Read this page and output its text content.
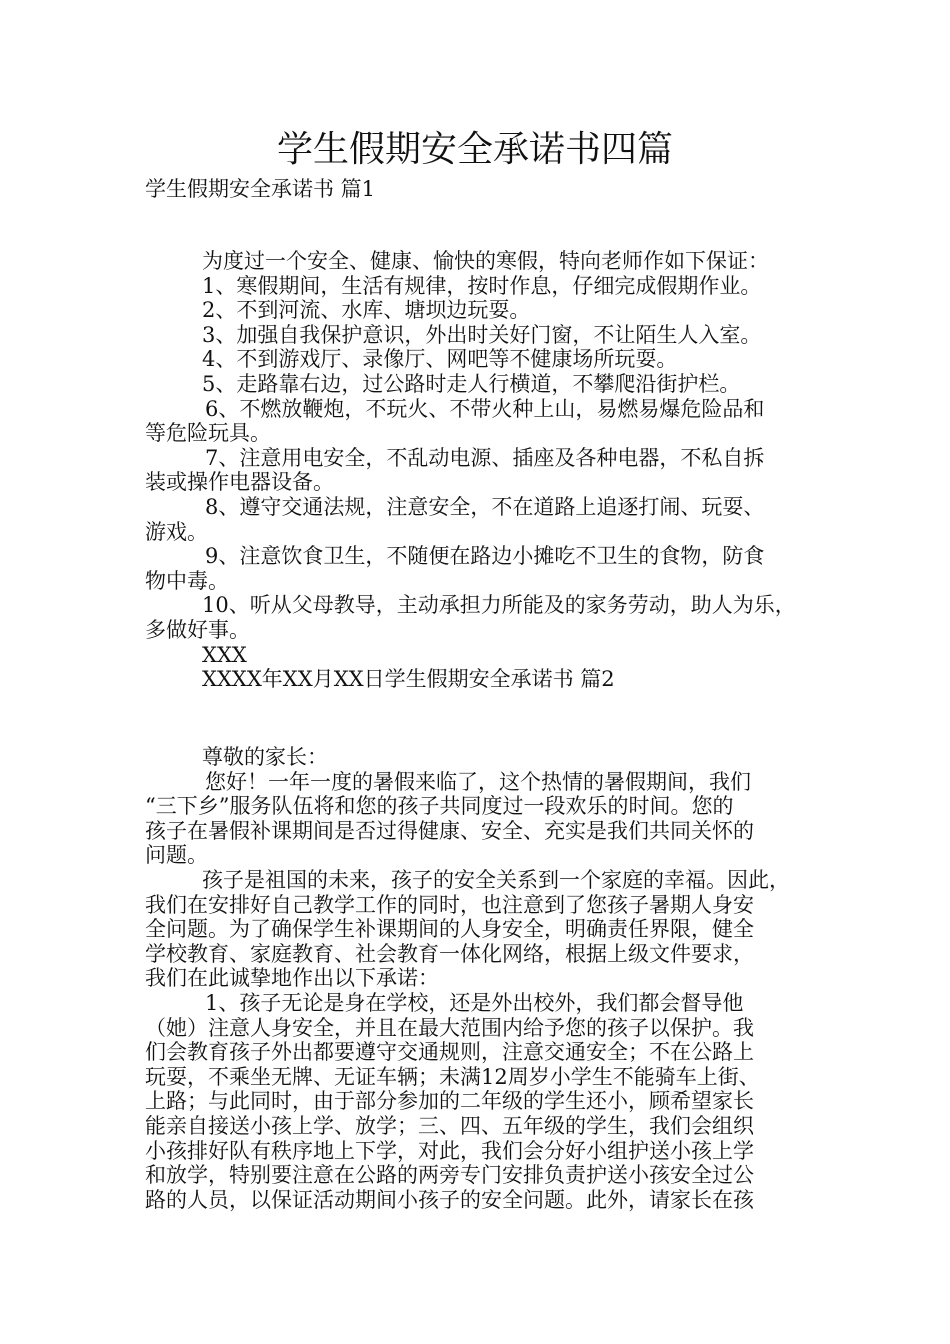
学生假期安全承诺书四篇
学生假期安全承诺书 篇1
为度过一个安全、健康、愉快的寒假，特向老师作如下保证：
1、寒假期间，生活有规律，按时作息，仔细完成假期作业。
2、不到河流、水库、塘坝边玩耍。
3、加强自我保护意识，外出时关好门窗，不让陌生人入室。
4、不到游戏厅、录像厅、网吧等不健康场所玩耍。
5、走路靠右边，过公路时走人行横道，不攀爬沿街护栏。
6、不燃放鞭炮，不玩火、不带火种上山，易燃易爆危险品和
等危险玩具。
7、注意用电安全，不乱动电源、插座及各种电器，不私自拆
装或操作电器设备。
8、遵守交通法规，注意安全，不在道路上追逐打闹、玩耍、
游戏。
9、注意饮食卫生，不随便在路边小摊吃不卫生的食物，防食
物中毒。
10、听从父母教导，主动承担力所能及的家务劳动，助人为乐，
多做好事。
XXX
XXXX年XX月XX日学生假期安全承诺书 篇2
尊敬的家长：
您好！一年一度的暑假来临了，这个热情的暑假期间，我们
“三下乡”服务队伍将和您的孩子共同度过一段欢乐的时间。您的
孩子在暑假补课期间是否过得健康、安全、充实是我们共同关怀的
问题。
孩子是祖国的未来，孩子的安全关系到一个家庭的幸福。因此，
我们在安排好自己教学工作的同时，也注意到了您孩子暑期人身安
全问题。为了确保学生补课期间的人身安全，明确责任界限，健全
学校教育、家庭教育、社会教育一体化网络，根据上级文件要求，
我们在此诚挚地作出以下承诺：
1、孩子无论是身在学校，还是外出校外，我们都会督导他
（她）注意人身安全，并且在最大范围内给予您的孩子以保护。我
们会教育孩子外出都要遵守交通规则，注意交通安全；不在公路上
玩耍，不乘坐无牌、无证车辆；未满12周岁小学生不能骑车上街、
上路；与此同时，由于部分参加的二年级的学生还小，顾希望家长
能亲自接送小孩上学、放学；三、四、五年级的学生，我们会组织
小孩排好队有秩序地上下学，对此，我们会分好小组护送小孩上学
和放学，特别要注意在公路的两旁专门安排负责护送小孩安全过公
路的人员，以保证活动期间小孩子的安全问题。此外，请家长在孩
